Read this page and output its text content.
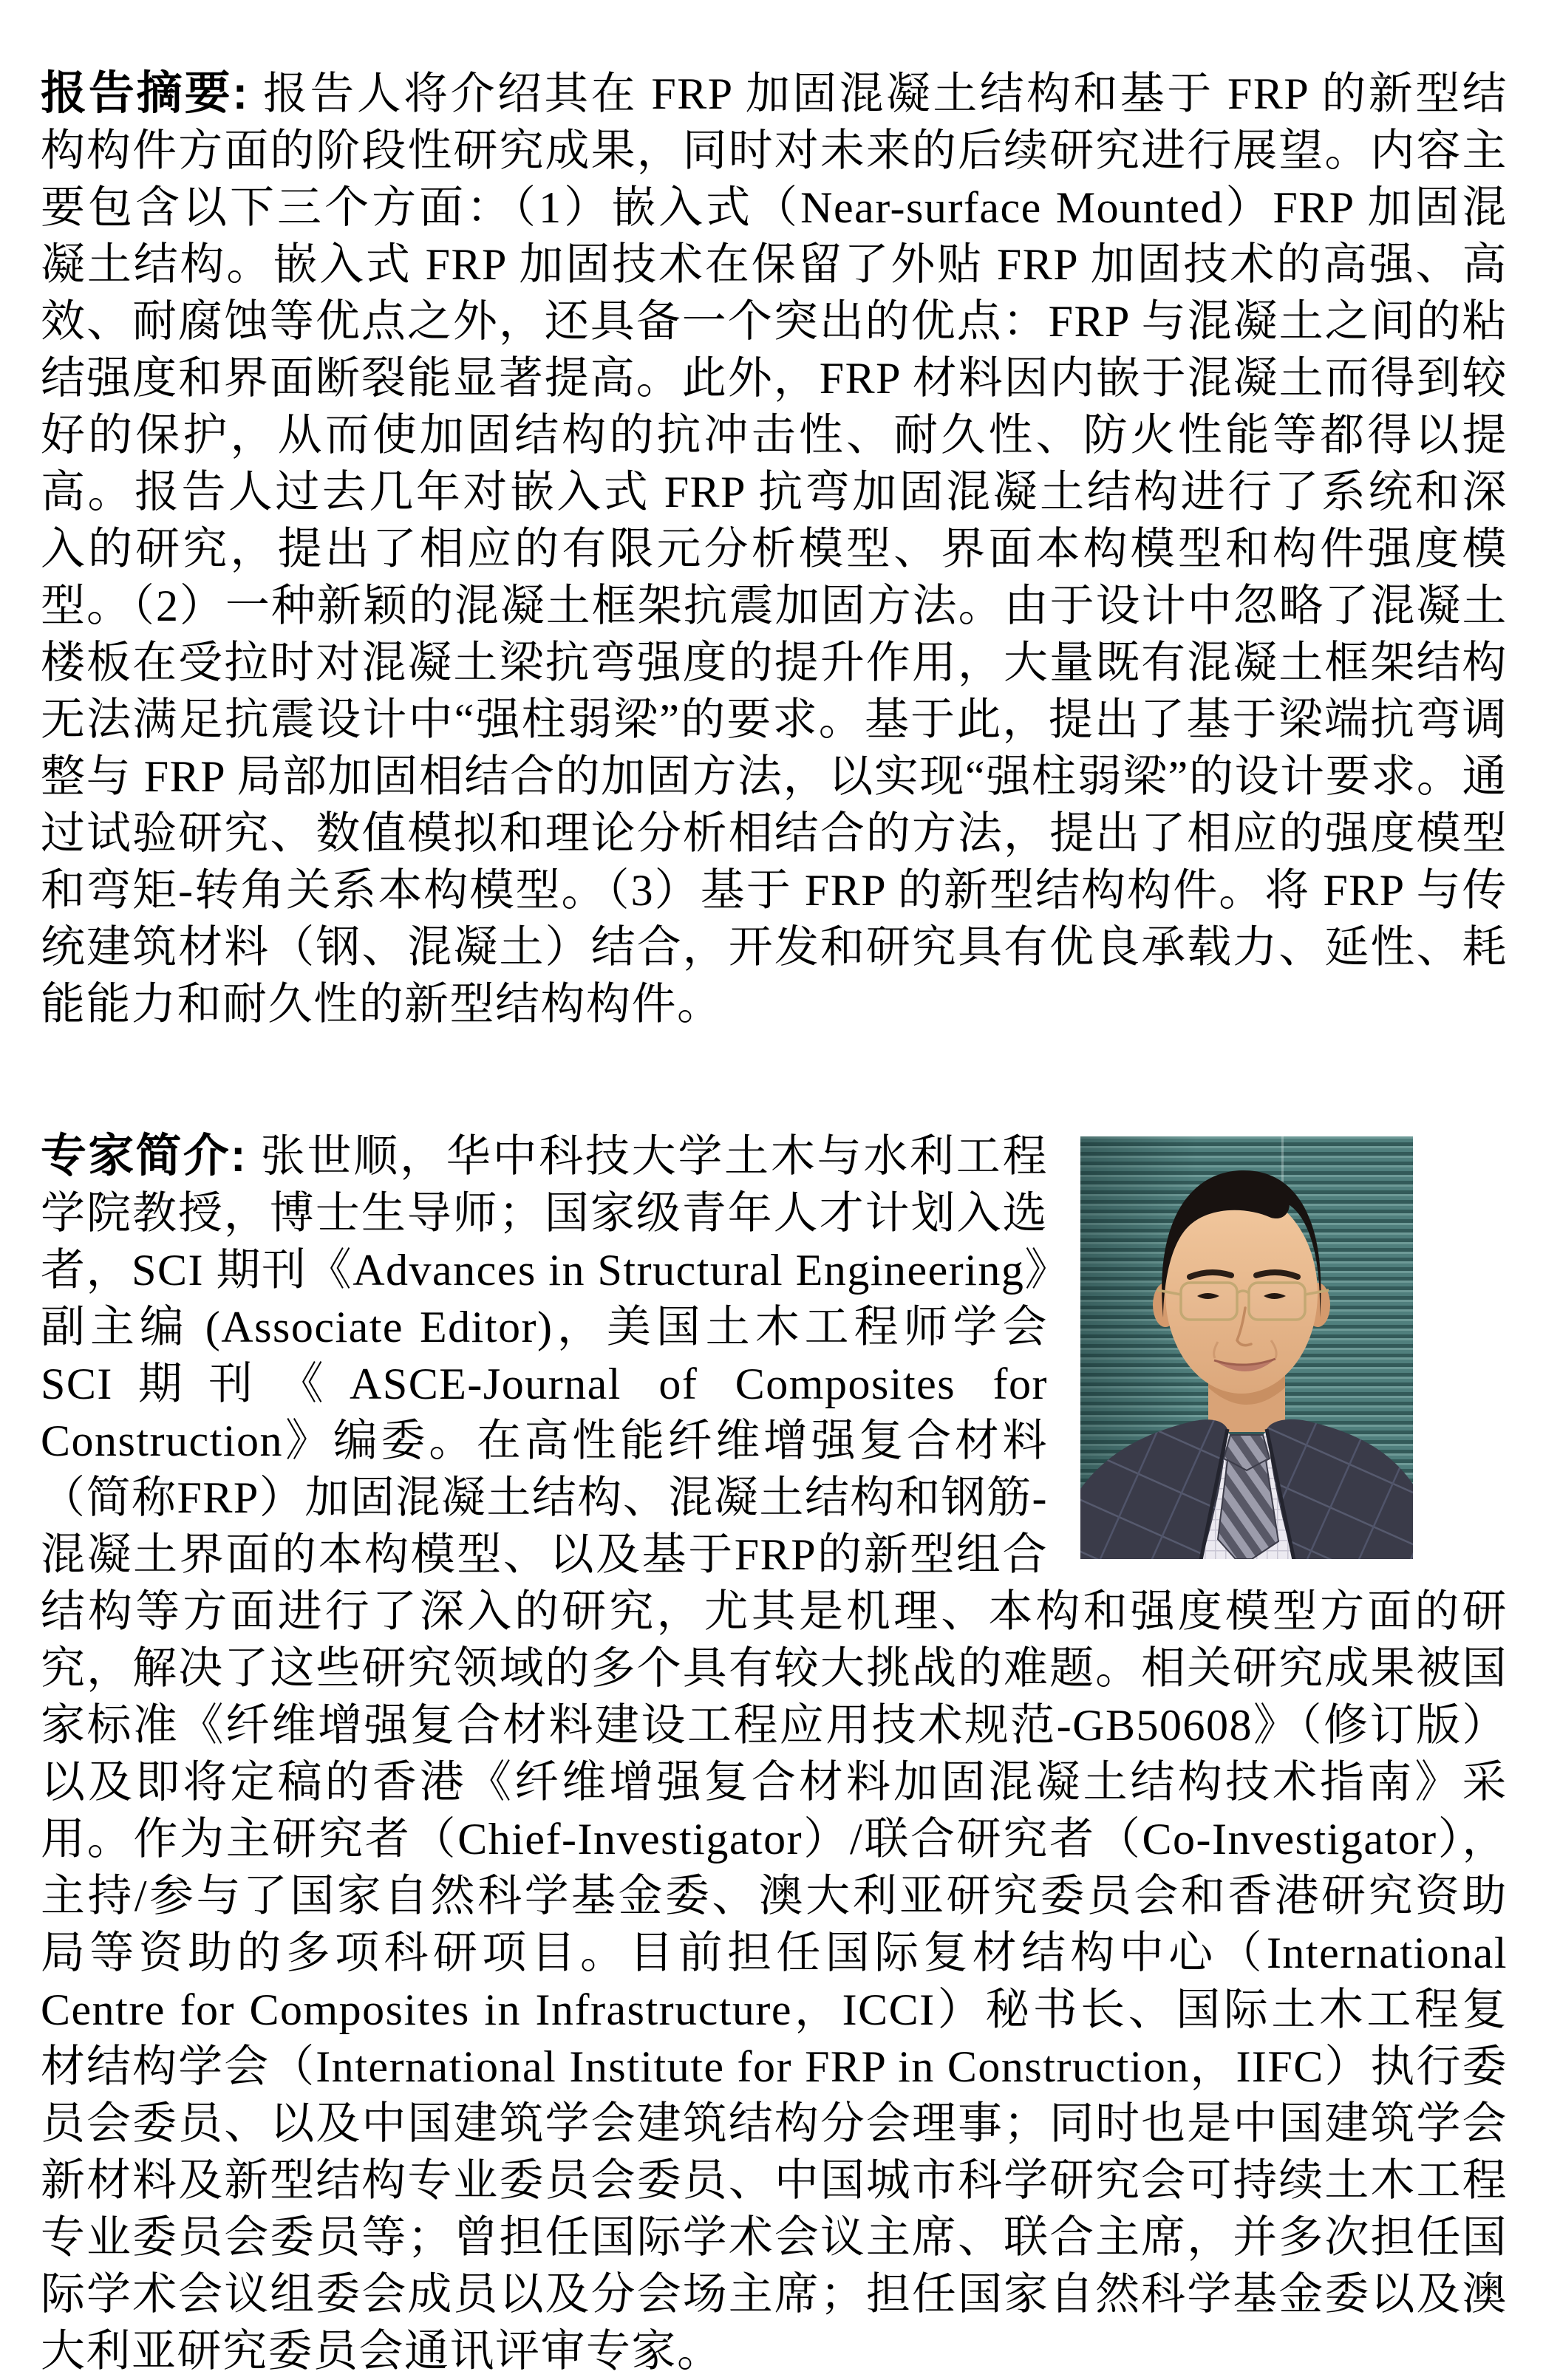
报告摘要: 报告人将介绍其在 FRP 加固混凝土结构和基于 FRP 的新型结构构件方面的阶段性研究成果，同时对未来的后续研究进行展望。内容主要包含以下三个方面：（1）嵌入式（Near-surface Mounted）FRP 加固混凝土结构。嵌入式 FRP 加固技术在保留了外贴 FRP 加固技术的高强、高效、耐腐蚀等优点之外，还具备一个突出的优点：FRP 与混凝土之间的粘结强度和界面断裂能显著提高。此外，FRP 材料因内嵌于混凝土而得到较好的保护，从而使加固结构的抗冲击性、耐久性、防火性能等都得以提高。报告人过去几年对嵌入式 FRP 抗弯加固混凝土结构进行了系统和深入的研究，提出了相应的有限元分析模型、界面本构模型和构件强度模型。（2）一种新颖的混凝土框架抗震加固方法。由于设计中忽略了混凝土楼板在受拉时对混凝土梁抗弯强度的提升作用，大量既有混凝土框架结构无法满足抗震设计中“强柱弱梁”的要求。基于此，提出了基于梁端抗弯调整与 FRP 局部加固相结合的加固方法，以实现“强柱弱梁”的设计要求。通过试验研究、数值模拟和理论分析相结合的方法，提出了相应的强度模型和弯矩-转角关系本构模型。（3）基于 FRP 的新型结构构件。将 FRP 与传统建筑材料（钢、混凝土）结合，开发和研究具有优良承载力、延性、耗能能力和耐久性的新型结构构件。

专家简介: 张世顺，华中科技大学土木与水利工程学院教授，博士生导师；国家级青年人才计划入选者，SCI 期刊《Advances in Structural Engineering》副主编 (Associate Editor)，美国土木工程师学会SCI期刊《ASCE-Journal of Composites for Construction》编委。在高性能纤维增强复合材料（简称FRP）加固混凝土结构、混凝土结构和钢筋-混凝土界面的本构模型、以及基于FRP的新型组合结构等方面进行了深入的研究，尤其是机理、本构和强度模型方面的研究，解决了这些研究领域的多个具有较大挑战的难题。相关研究成果被国家标准《纤维增强复合材料建设工程应用技术规范-GB50608》（修订版）以及即将定稿的香港《纤维增强复合材料加固混凝土结构技术指南》采用。作为主研究者（Chief-Investigator）/联合研究者（Co-Investigator），主持/参与了国家自然科学基金委、澳大利亚研究委员会和香港研究资助局等资助的多项科研项目。目前担任国际复材结构中心（International Centre for Composites in Infrastructure，ICCI）秘书长、国际土木工程复材结构学会（International Institute for FRP in Construction，IIFC）执行委员会委员、以及中国建筑学会建筑结构分会理事；同时也是中国建筑学会新材料及新型结构专业委员会委员、中国城市科学研究会可持续土木工程专业委员会委员等；曾担任国际学术会议主席、联合主席，并多次担任国际学术会议组委会成员以及分会场主席；担任国家自然科学基金委以及澳大利亚研究委员会通讯评审专家。
